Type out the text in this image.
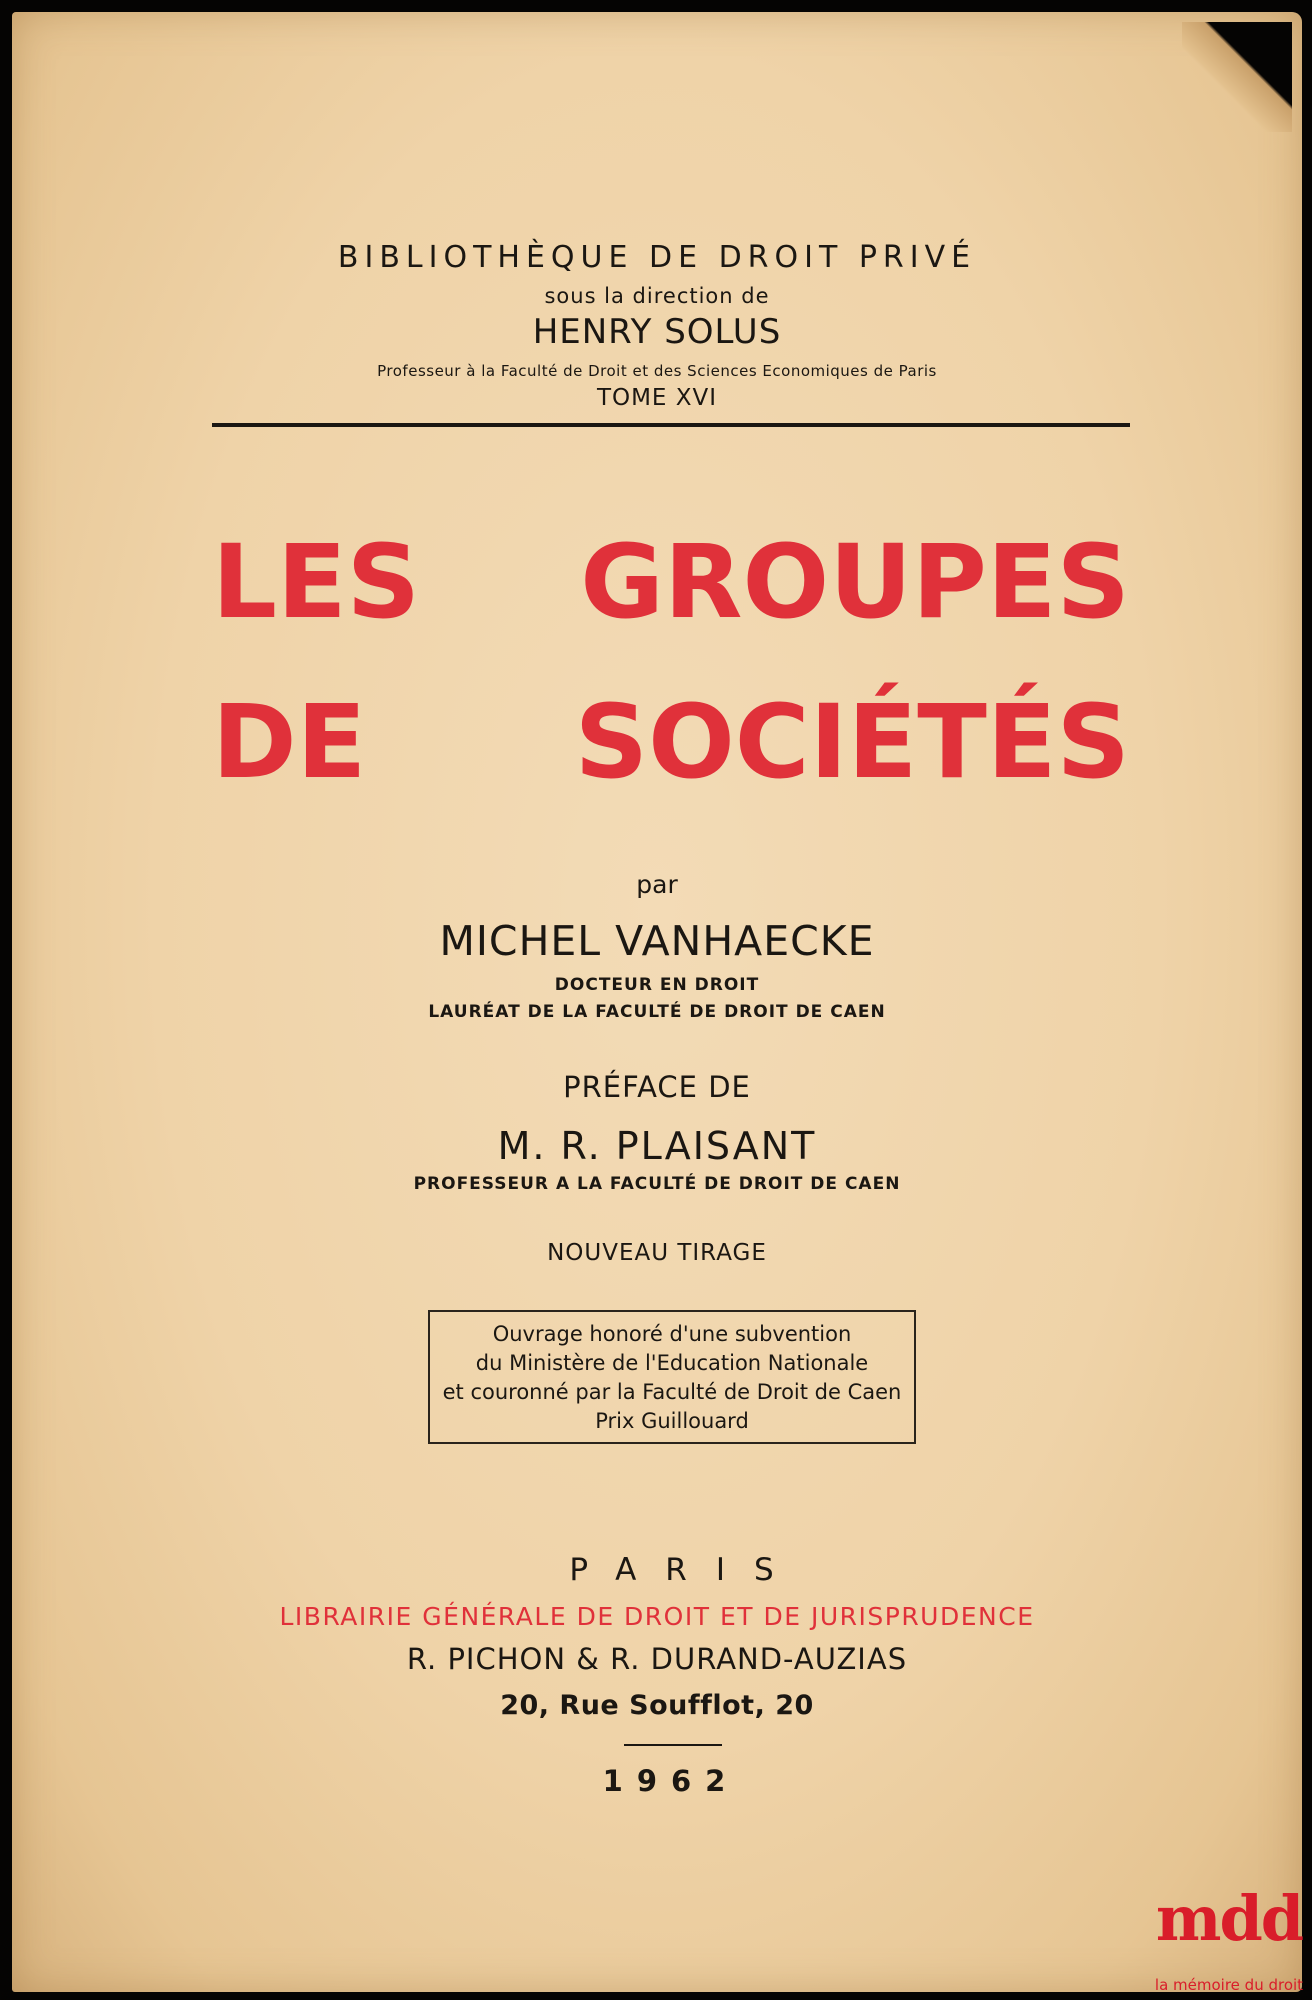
BIBLIOTHÈQUE DE DROIT PRIVÉ
sous la direction de
HENRY SOLUS
Professeur à la Faculté de Droit et des Sciences Economiques de Paris
TOME XVI
LES GROUPES
DE SOCIÉTÉS
par
MICHEL VANHAECKE
DOCTEUR EN DROIT
LAURÉAT DE LA FACULTÉ DE DROIT DE CAEN
PRÉFACE DE
M. R. PLAISANT
PROFESSEUR A LA FACULTÉ DE DROIT DE CAEN
NOUVEAU TIRAGE
Ouvrage honoré d'une subvention
du Ministère de l'Education Nationale
et couronné par la Faculté de Droit de Caen
Prix Guillouard
PARIS
LIBRAIRIE GÉNÉRALE DE DROIT ET DE JURISPRUDENCE
R. PICHON & R. DURAND-AUZIAS
20, Rue Soufflot, 20
1962
mdd
la mémoire du droit
